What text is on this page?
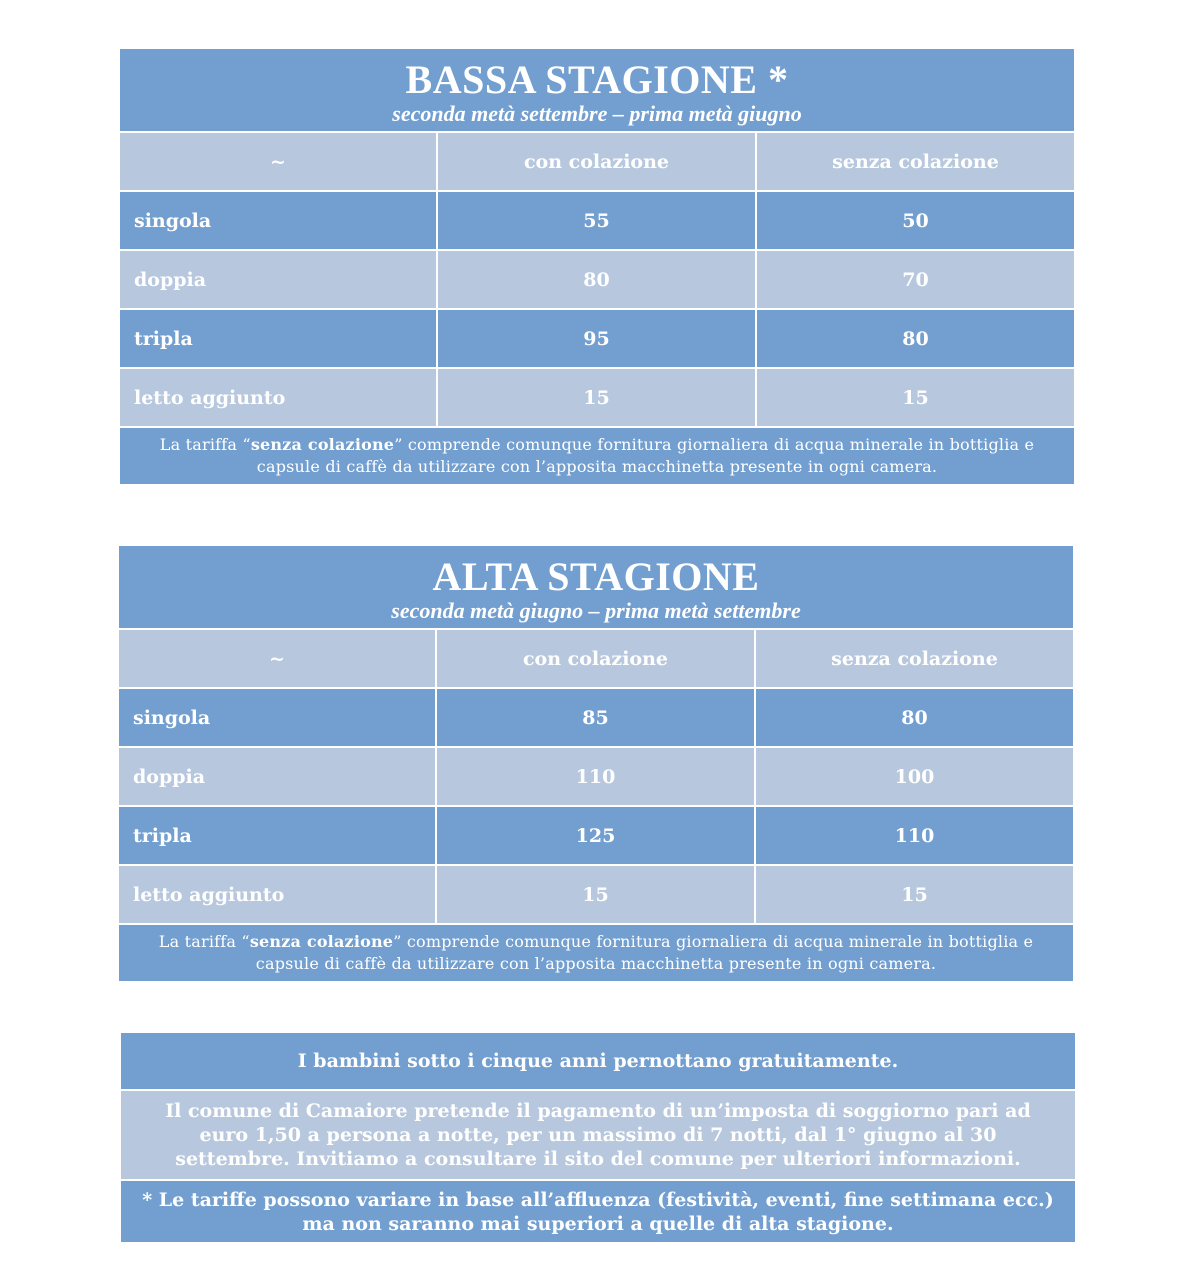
BASSA STAGIONE *
seconda metà settembre – prima metà giugno		

~	con colazione	senza colazione
singola	55	50
doppia	80	70
tripla	95	80
letto aggiunto	15	15
La tariffa “senza colazione” comprende comunque fornitura giornaliera di acqua minerale in bottiglia e capsule di caffè da utilizzare con l’apposita macchinetta presente in ogni camera.		
ALTA STAGIONE
seconda metà giugno – prima metà settembre		

~	con colazione	senza colazione
singola	85	80
doppia	110	100
tripla	125	110
letto aggiunto	15	15
La tariffa “senza colazione” comprende comunque fornitura giornaliera di acqua minerale in bottiglia e capsule di caffè da utilizzare con l’apposita macchinetta presente in ogni camera.		
I bambini sotto i cinque anni pernottano gratuitamente.
Il comune di Camaiore pretende il pagamento di un’imposta di soggiorno pari ad euro 1,50 a persona a notte, per un massimo di 7 notti, dal 1° giugno al 30 settembre. Invitiamo a consultare il sito del comune per ulteriori informazioni.
* Le tariffe possono variare in base all’affluenza (festività, eventi, fine settimana ecc.) ma non saranno mai superiori a quelle di alta stagione.
